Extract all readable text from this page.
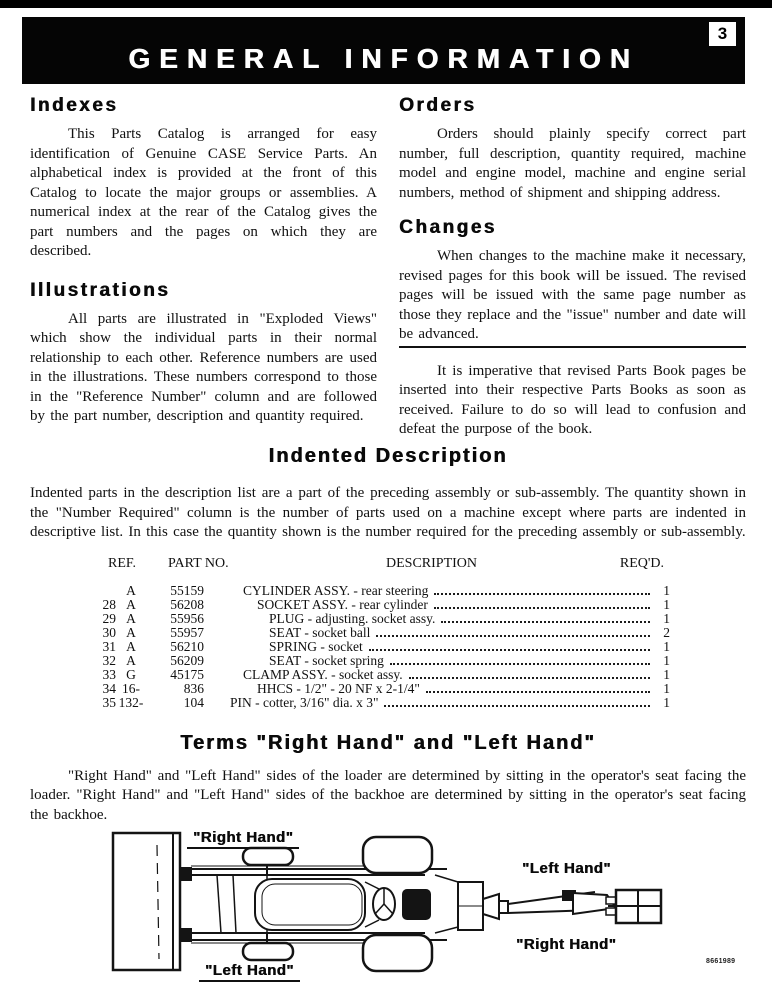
GENERAL INFORMATION
3
Indexes

This Parts Catalog is arranged for easy identification of Genuine CASE Service Parts. An alphabetical index is provided at the front of this Catalog to locate the major groups or assemblies. A numerical index at the rear of the Catalog gives the part numbers and the pages on which they are described.

Illustrations

All parts are illustrated in "Exploded Views" which show the individual parts in their normal relationship to each other. Reference numbers are used in the illustrations. These numbers correspond to those in the "Reference Number" column and are followed by the part number, description and quantity required.

Orders

Orders should plainly specify correct part number, full description, quantity required, machine model and engine model, machine and engine serial numbers, method of shipment and shipping address.

Changes

When changes to the machine make it necessary, revised pages for this book will be issued. The revised pages will be issued with the same page number as those they replace and the "issue" number and date will be advanced.

It is imperative that revised Parts Book pages be inserted into their respective Parts Books as soon as received. Failure to do so will lead to confusion and defeat the purpose of the book.

Indented Description

Indented parts in the description list are a part of the preceding assembly or sub-assembly. The quantity shown in the "Number Required" column is the number of parts used on a machine except where parts are indented in descriptive list. In this case the quantity shown is the number required for the preceding assembly or sub-assembly.

REF. PART NO.	DESCRIPTION	REQ'D.
A	55159	CYLINDER ASSY. - rear steering	1
28 A	56208	SOCKET ASSY. - rear cylinder	1
29 A	55956	PLUG - adjusting. socket assy.	1
30 A	55957	SEAT - socket ball	2
31 A	56210	SPRING - socket	1
32 A	56209	SEAT - socket spring	1
33 G	45175	CLAMP ASSY. - socket assy.	1
34 16-	836	HHCS - 1/2" - 20 NF x 2-1/4"	1
35 132-	104 PIN - cotter, 3/16" dia. x 3"	1
Terms "Right Hand" and "Left Hand"

"Right Hand" and "Left Hand" sides of the loader are determined by sitting in the operator's seat facing the loader. "Right Hand" and "Left Hand" sides of the backhoe are determined by sitting in the operator's seat facing the backhoe.

"Right Hand"
"Left Hand"
"Left Hand"
"Right Hand"
8661989
